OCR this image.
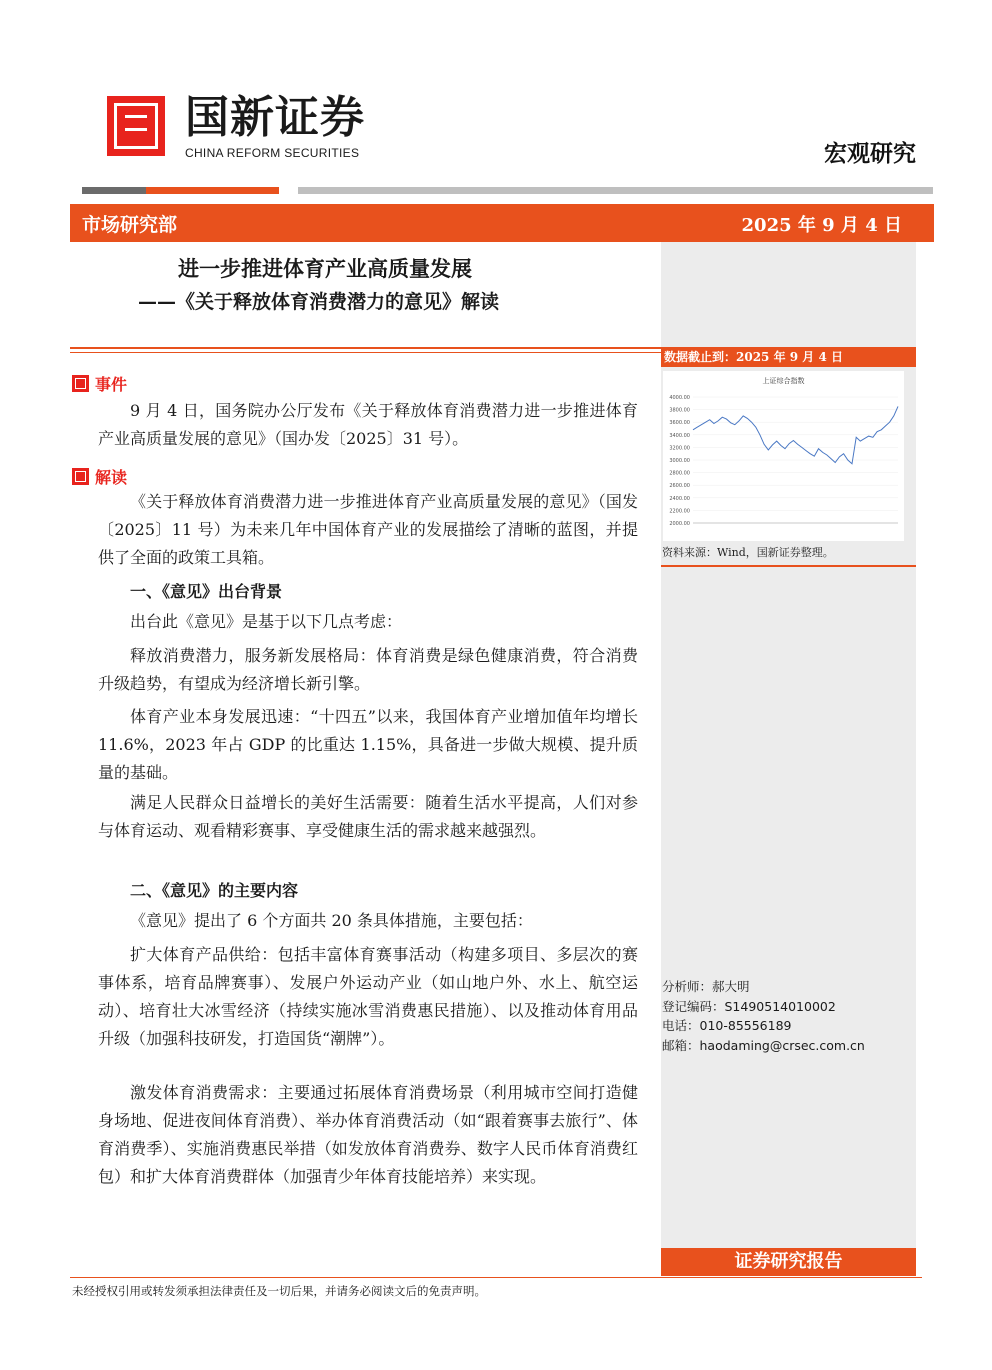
国新证券
CHINA REFORM SECURITIES	宏观研究
市场研究部	2025 年 9 月 4 日
数据截止到：2025 年 9 月 4 日
上证综合指数
4000.00
3800.00
3600.00
3400.00
3200.00
3000.00
2800.00
2600.00
2400.00
2200.00
2000.00
资料来源：Wind，国新证券整理。
分析师：郝大明
登记编码：S1490514010002
电话：010-85556189
邮箱：haodaming@crsec.com.cn
证券研究报告
进一步推进体育产业高质量发展
——《关于释放体育消费潜力的意见》解读
事件

9 月 4 日，国务院办公厅发布《关于释放体育消费潜力进一步推进体育产业高质量发展的意见》（国办发〔2025〕31 号）。

解读

《关于释放体育消费潜力进一步推进体育产业高质量发展的意见》（国发〔2025〕11 号）为未来几年中国体育产业的发展描绘了清晰的蓝图，并提供了全面的政策工具箱。

一、《意见》出台背景

出台此《意见》是基于以下几点考虑：

释放消费潜力，服务新发展格局：体育消费是绿色健康消费，符合消费升级趋势，有望成为经济增长新引擎。

体育产业本身发展迅速：“十四五”以来，我国体育产业增加值年均增长 11.6%，2023 年占 GDP 的比重达 1.15%，具备进一步做大规模、提升质量的基础。

满足人民群众日益增长的美好生活需要：随着生活水平提高，人们对参与体育运动、观看精彩赛事、享受健康生活的需求越来越强烈。

二、《意见》的主要内容

《意见》提出了 6 个方面共 20 条具体措施，主要包括：

扩大体育产品供给：包括丰富体育赛事活动（构建多项目、多层次的赛事体系，培育品牌赛事）、发展户外运动产业（如山地户外、水上、航空运动）、培育壮大冰雪经济（持续实施冰雪消费惠民措施）、以及推动体育用品升级（加强科技研发，打造国货“潮牌”）。

激发体育消费需求：主要通过拓展体育消费场景（利用城市空间打造健身场地、促进夜间体育消费）、举办体育消费活动（如“跟着赛事去旅行”、体育消费季）、实施消费惠民举措（如发放体育消费券、数字人民币体育消费红包）和扩大体育消费群体（加强青少年体育技能培养）来实现。

未经授权引用或转发须承担法律责任及一切后果，并请务必阅读文后的免责声明。
